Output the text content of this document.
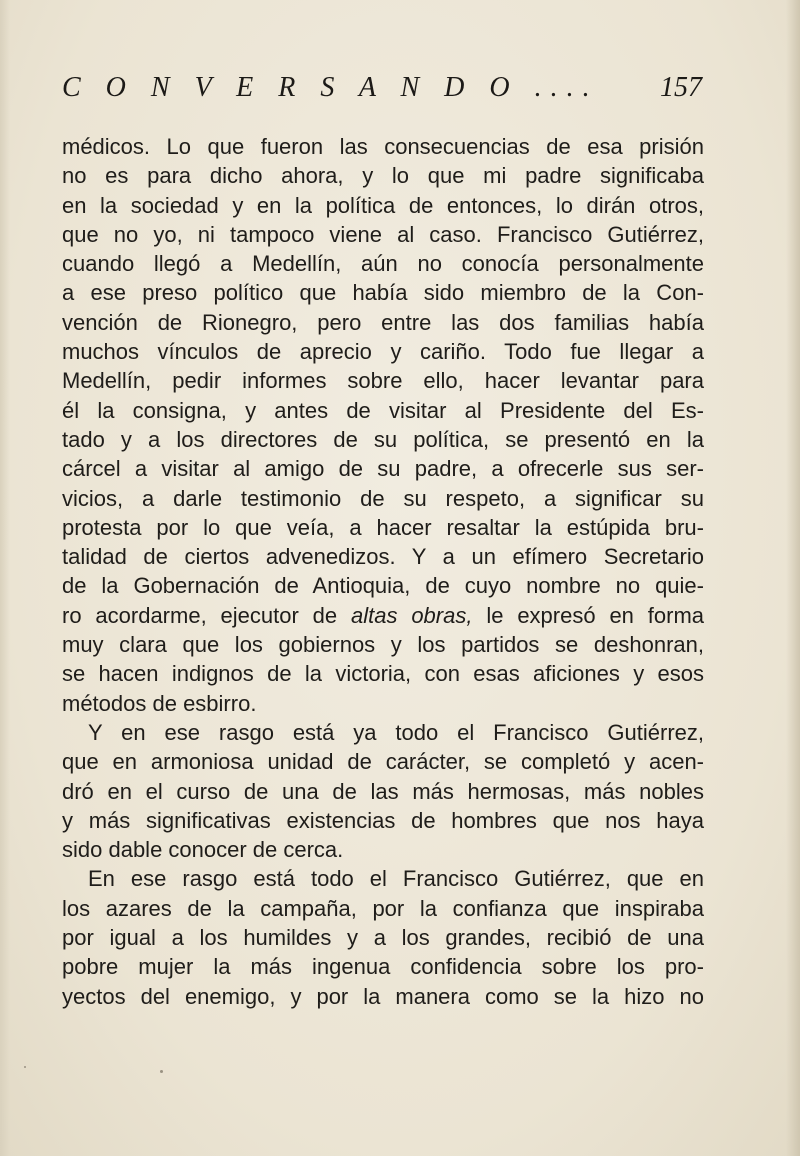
C O N V E R S A N D O .... 157
médicos. Lo que fueron las consecuencias de esa prisión
no es para dicho ahora, y lo que mi padre significaba
en la sociedad y en la política de entonces, lo dirán otros,
que no yo, ni tampoco viene al caso. Francisco Gutiérrez,
cuando llegó a Medellín, aún no conocía personalmente
a ese preso político que había sido miembro de la Con-
vención de Rionegro, pero entre las dos familias había
muchos vínculos de aprecio y cariño. Todo fue llegar a
Medellín, pedir informes sobre ello, hacer levantar para
él la consigna, y antes de visitar al Presidente del Es-
tado y a los directores de su política, se presentó en la
cárcel a visitar al amigo de su padre, a ofrecerle sus ser-
vicios, a darle testimonio de su respeto, a significar su
protesta por lo que veía, a hacer resaltar la estúpida bru-
talidad de ciertos advenedizos. Y a un efímero Secretario
de la Gobernación de Antioquia, de cuyo nombre no quie-
ro acordarme, ejecutor de altas obras, le expresó en forma
muy clara que los gobiernos y los partidos se deshonran,
se hacen indignos de la victoria, con esas aficiones y esos
métodos de esbirro.
Y en ese rasgo está ya todo el Francisco Gutiérrez,
que en armoniosa unidad de carácter, se completó y acen-
dró en el curso de una de las más hermosas, más nobles
y más significativas existencias de hombres que nos haya
sido dable conocer de cerca.
En ese rasgo está todo el Francisco Gutiérrez, que en
los azares de la campaña, por la confianza que inspiraba
por igual a los humildes y a los grandes, recibió de una
pobre mujer la más ingenua confidencia sobre los pro-
yectos del enemigo, y por la manera como se la hizo no
